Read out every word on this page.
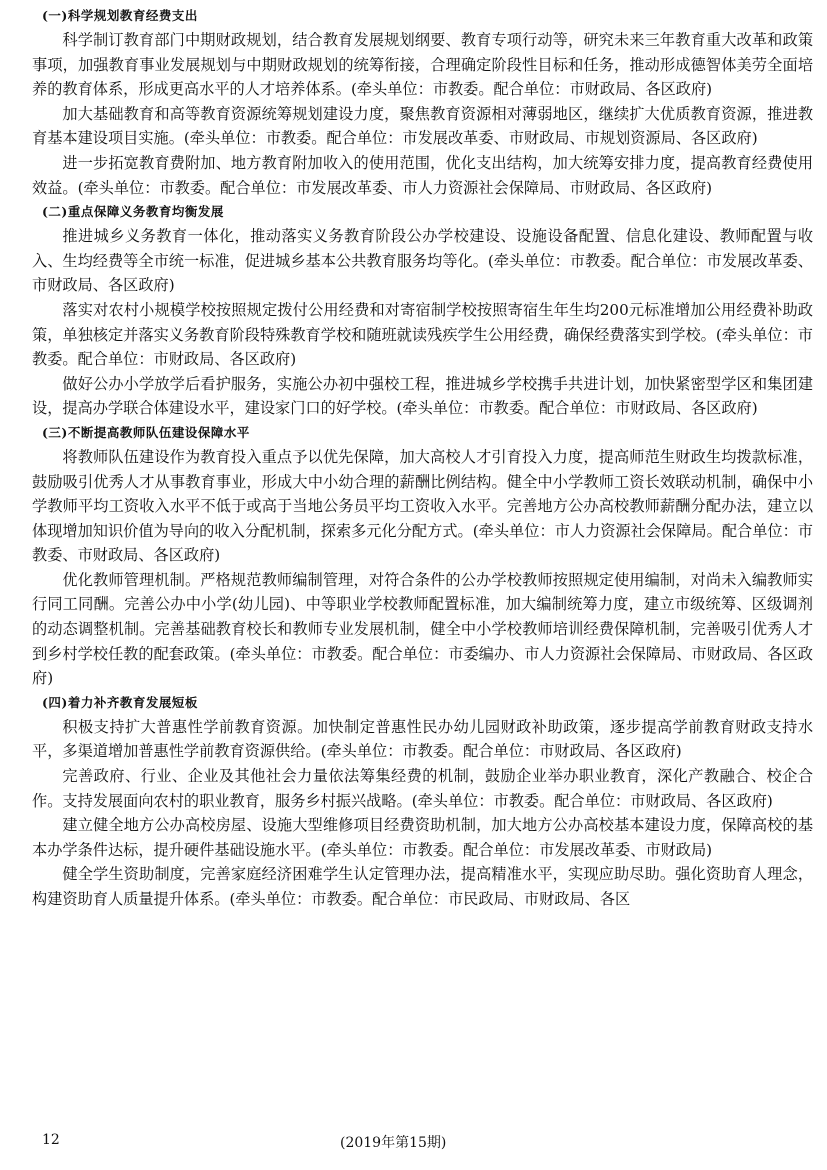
(一)科学规划教育经费支出

科学制订教育部门中期财政规划，结合教育发展规划纲要、教育专项行动等，研究未来三年教育重大改革和政策事项，加强教育事业发展规划与中期财政规划的统筹衔接，合理确定阶段性目标和任务，推动形成德智体美劳全面培养的教育体系，形成更高水平的人才培养体系。(牵头单位：市教委。配合单位：市财政局、各区政府)

加大基础教育和高等教育资源统筹规划建设力度，聚焦教育资源相对薄弱地区，继续扩大优质教育资源，推进教育基本建设项目实施。(牵头单位：市教委。配合单位：市发展改革委、市财政局、市规划资源局、各区政府)

进一步拓宽教育费附加、地方教育附加收入的使用范围，优化支出结构，加大统筹安排力度，提高教育经费使用效益。(牵头单位：市教委。配合单位：市发展改革委、市人力资源社会保障局、市财政局、各区政府)

(二)重点保障义务教育均衡发展

推进城乡义务教育一体化，推动落实义务教育阶段公办学校建设、设施设备配置、信息化建设、教师配置与收入、生均经费等全市统一标准，促进城乡基本公共教育服务均等化。(牵头单位：市教委。配合单位：市发展改革委、市财政局、各区政府)

落实对农村小规模学校按照规定拨付公用经费和对寄宿制学校按照寄宿生年生均200元标准增加公用经费补助政策，单独核定并落实义务教育阶段特殊教育学校和随班就读残疾学生公用经费，确保经费落实到学校。(牵头单位：市教委。配合单位：市财政局、各区政府)

做好公办小学放学后看护服务，实施公办初中强校工程，推进城乡学校携手共进计划，加快紧密型学区和集团建设，提高办学联合体建设水平，建设家门口的好学校。(牵头单位：市教委。配合单位：市财政局、各区政府)

(三)不断提高教师队伍建设保障水平

将教师队伍建设作为教育投入重点予以优先保障，加大高校人才引育投入力度，提高师范生财政生均拨款标准，鼓励吸引优秀人才从事教育事业，形成大中小幼合理的薪酬比例结构。健全中小学教师工资长效联动机制，确保中小学教师平均工资收入水平不低于或高于当地公务员平均工资收入水平。完善地方公办高校教师薪酬分配办法，建立以体现增加知识价值为导向的收入分配机制，探索多元化分配方式。(牵头单位：市人力资源社会保障局。配合单位：市教委、市财政局、各区政府)

优化教师管理机制。严格规范教师编制管理，对符合条件的公办学校教师按照规定使用编制，对尚未入编教师实行同工同酬。完善公办中小学(幼儿园)、中等职业学校教师配置标准，加大编制统筹力度，建立市级统筹、区级调剂的动态调整机制。完善基础教育校长和教师专业发展机制，健全中小学校教师培训经费保障机制，完善吸引优秀人才到乡村学校任教的配套政策。(牵头单位：市教委。配合单位：市委编办、市人力资源社会保障局、市财政局、各区政府)

(四)着力补齐教育发展短板

积极支持扩大普惠性学前教育资源。加快制定普惠性民办幼儿园财政补助政策，逐步提高学前教育财政支持水平，多渠道增加普惠性学前教育资源供给。(牵头单位：市教委。配合单位：市财政局、各区政府)

完善政府、行业、企业及其他社会力量依法筹集经费的机制，鼓励企业举办职业教育，深化产教融合、校企合作。支持发展面向农村的职业教育，服务乡村振兴战略。(牵头单位：市教委。配合单位：市财政局、各区政府)

建立健全地方公办高校房屋、设施大型维修项目经费资助机制，加大地方公办高校基本建设力度，保障高校的基本办学条件达标，提升硬件基础设施水平。(牵头单位：市教委。配合单位：市发展改革委、市财政局)

健全学生资助制度，完善家庭经济困难学生认定管理办法，提高精准水平，实现应助尽助。强化资助育人理念，构建资助育人质量提升体系。(牵头单位：市教委。配合单位：市民政局、市财政局、各区

12	(2019年第15期)
